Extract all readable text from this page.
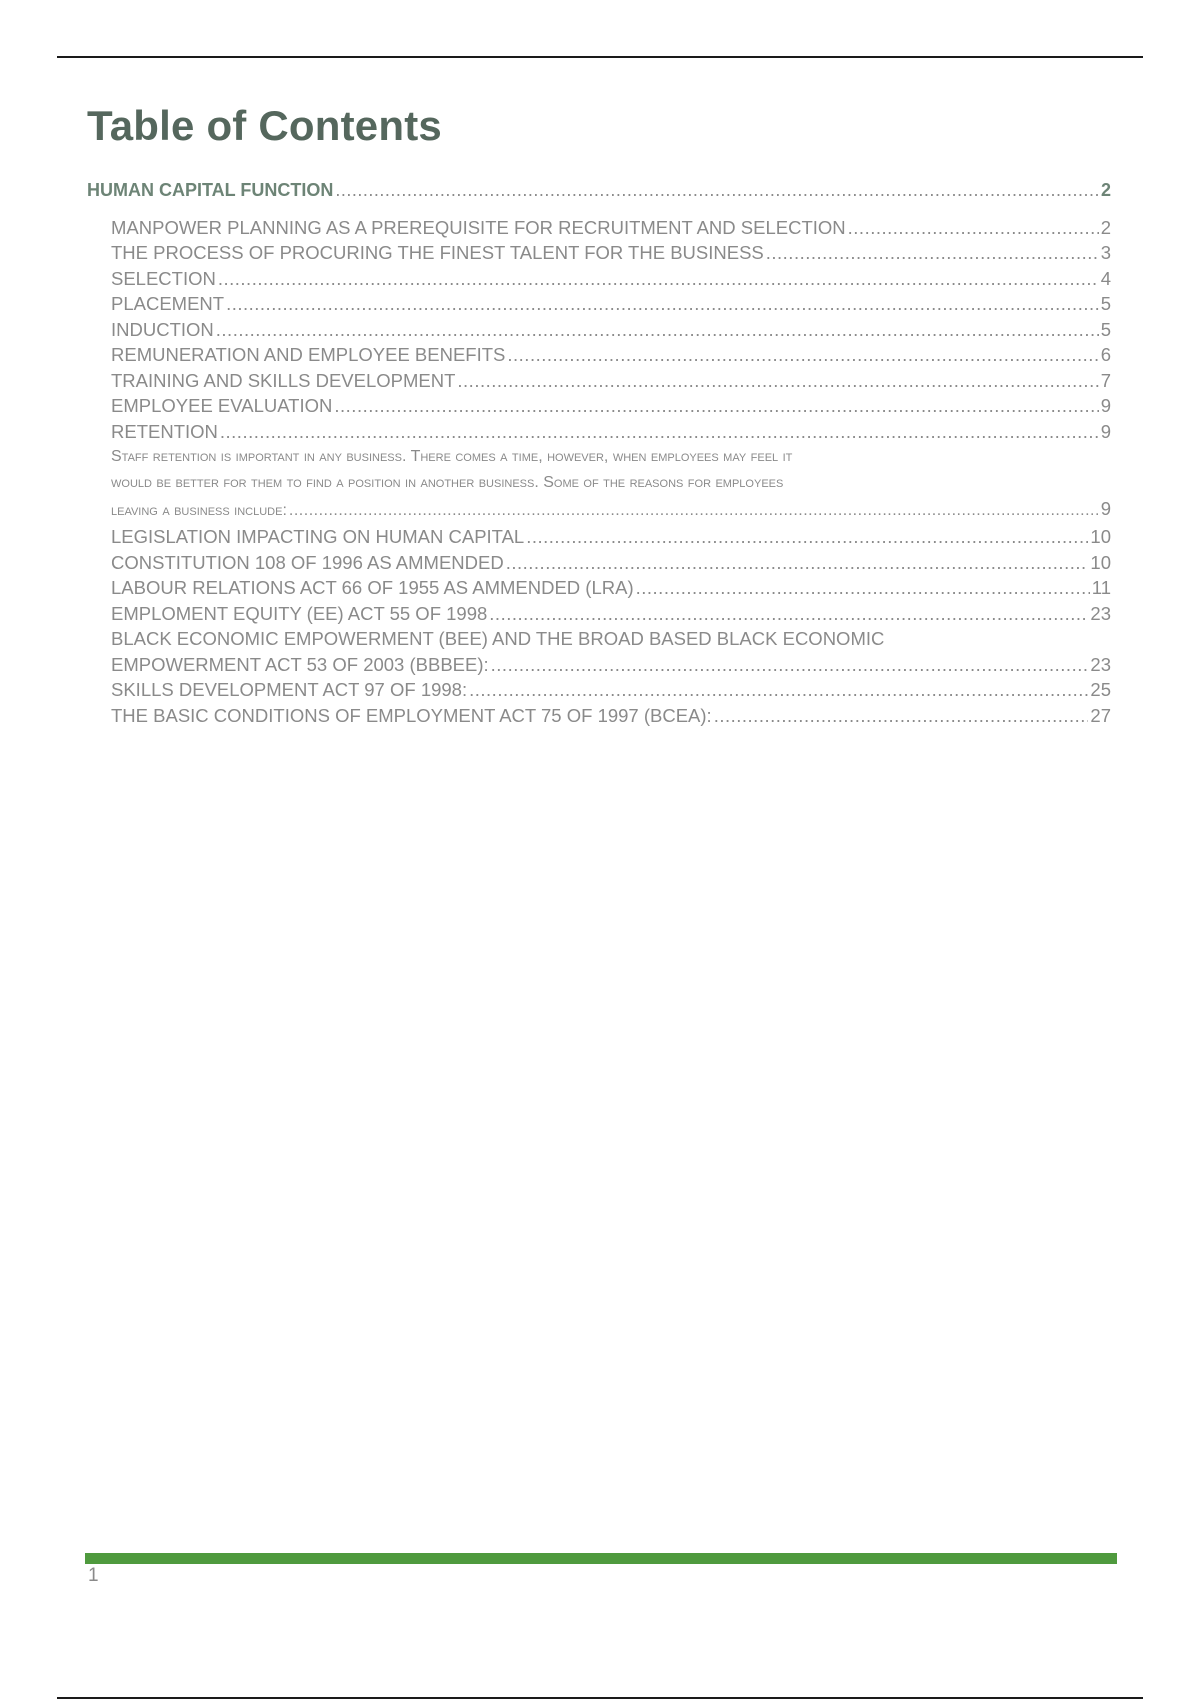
Table of Contents
HUMAN CAPITAL FUNCTION .....	2
MANPOWER PLANNING AS A PREREQUISITE FOR RECRUITMENT AND SELECTION .....	2
THE PROCESS OF PROCURING THE FINEST TALENT FOR THE BUSINESS .....	3
SELECTION .....	4
PLACEMENT .....	5
INDUCTION .....	5
REMUNERATION AND EMPLOYEE BENEFITS .....	6
TRAINING AND SKILLS DEVELOPMENT .....	7
EMPLOYEE EVALUATION .....	9
RETENTION .....	9
Staff retention is important in any business. There comes a time, however, when employees may feel it
would be better for them to find a position in another business. Some of the reasons for employees
leaving a business include: .....	9
LEGISLATION IMPACTING ON HUMAN CAPITAL .....	10
CONSTITUTION 108 OF 1996 AS AMMENDED .....	10
LABOUR RELATIONS ACT 66 OF 1955 AS AMMENDED (LRA) .....	11
EMPLOMENT EQUITY (EE) ACT 55 OF 1998 .....	23
BLACK ECONOMIC EMPOWERMENT (BEE) AND THE BROAD BASED BLACK ECONOMIC
EMPOWERMENT ACT 53 OF 2003 (BBBEE): .....	23
SKILLS DEVELOPMENT ACT 97 OF 1998: .....	25
THE BASIC CONDITIONS OF EMPLOYMENT ACT 75 OF 1997 (BCEA): .....	27
1
